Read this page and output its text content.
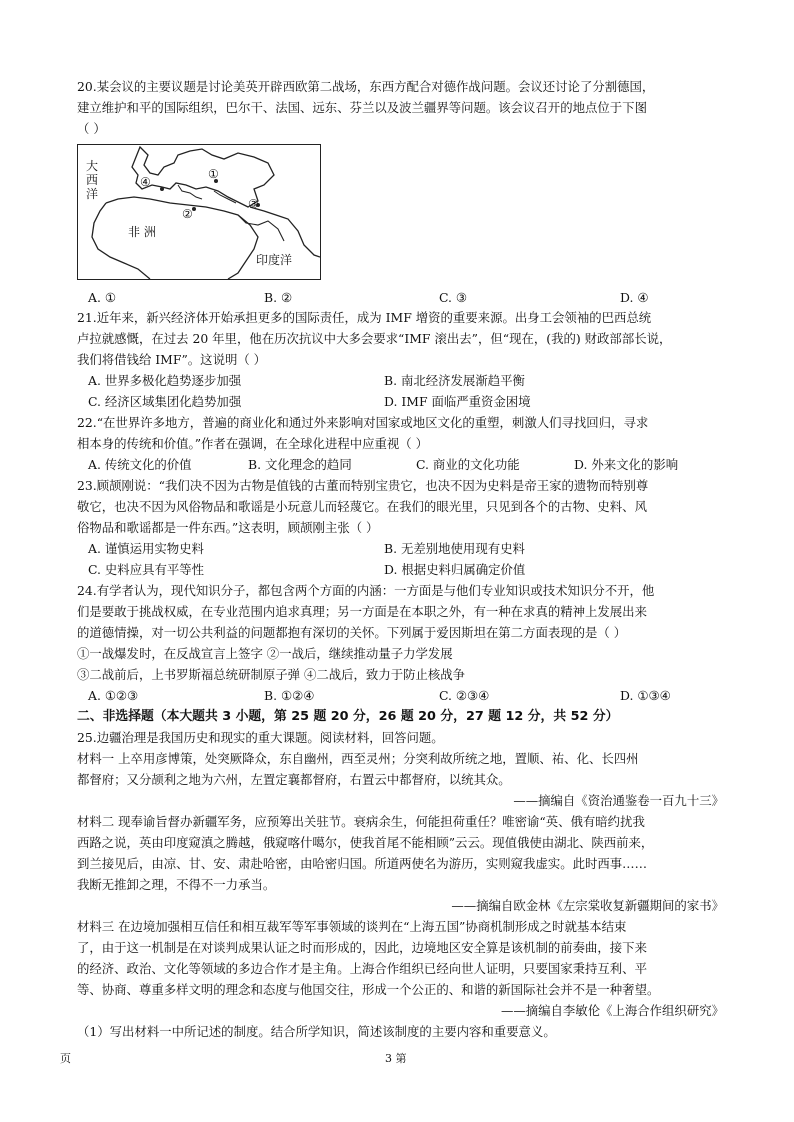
20.某会议的主要议题是讨论美英开辟西欧第二战场，东西方配合对德作战问题。会议还讨论了分割德国，
建立维护和平的国际组织，巴尔干、法国、远东、芬兰以及波兰疆界等问题。该会议召开的地点位于下图
（ ）
大西洋
①
④
②
③
非 洲
印度洋
A. ①	B. ②	C. ③	D. ④
21.近年来，新兴经济体开始承担更多的国际责任，成为 IMF 增资的重要来源。出身工会领袖的巴西总统
卢拉就感慨，在过去 20 年里，他在历次抗议中大多会要求“IMF 滚出去”，但“现在，(我的) 财政部部长说，
我们将借钱给 IMF”。这说明（ ）
A. 世界多极化趋势逐步加强	B. 南北经济发展渐趋平衡
C. 经济区域集团化趋势加强	D. IMF 面临严重资金困境
22.“在世界许多地方，普遍的商业化和通过外来影响对国家或地区文化的重塑，刺激人们寻找回归，寻求
相本身的传统和价值。”作者在强调，在全球化进程中应重视（ ）
A. 传统文化的价值	B. 文化理念的趋同	C. 商业的文化功能	D. 外来文化的影响
23.顾颉刚说：“我们决不因为古物是值钱的古董而特别宝贵它，也决不因为史料是帝王家的遗物而特别尊
敬它，也决不因为风俗物品和歌谣是小玩意儿而轻蔑它。在我们的眼光里，只见到各个的古物、史料、风
俗物品和歌谣都是一件东西。”这表明，顾颉刚主张（ ）
A. 谨慎运用实物史料	B. 无差别地使用现有史料
C. 史料应具有平等性	D. 根据史料归属确定价值
24.有学者认为，现代知识分子，都包含两个方面的内涵：一方面是与他们专业知识或技术知识分不开，他
们是要敢于挑战权威，在专业范围内追求真理；另一方面是在本职之外，有一种在求真的精神上发展出来
的道德情操，对一切公共利益的问题都抱有深切的关怀。下列属于爱因斯坦在第二方面表现的是（ ）
①一战爆发时，在反战宣言上签字 ②一战后，继续推动量子力学发展
③二战前后，上书罗斯福总统研制原子弹 ④二战后，致力于防止核战争
A. ①②③	B. ①②④	C. ②③④	D. ①③④
二、非选择题（本大题共 3 小题，第 25 题 20 分，26 题 20 分，27 题 12 分，共 52 分）
25.边疆治理是我国历史和现实的重大课题。阅读材料，回答问题。
材料一 上卒用彦博策，处突厥降众，东自幽州，西至灵州；分突利故所统之地，置顺、祐、化、长四州
都督府；又分颉利之地为六州，左置定襄都督府，右置云中都督府，以统其众。
——摘编自《资治通鉴卷一百九十三》
材料二 现奉谕旨督办新疆军务，应预筹出关驻节。衰病余生，何能担荷重任？唯密谕“英、俄有暗约扰我
西路之说，英由印度窥滇之腾越，俄窥喀什噶尔，使我首尾不能相顾”云云。现值俄使由湖北、陕西前来，
到兰接见后，由凉、甘、安、肃赴哈密，由哈密归国。所道两使名为游历，实则窥我虚实。此时西事……
我断无推卸之理，不得不一力承当。
——摘编自欧金林《左宗棠收复新疆期间的家书》
材料三 在边境加强相互信任和相互裁军等军事领域的谈判在“上海五国”协商机制形成之时就基本结束
了，由于这一机制是在对谈判成果认证之时而形成的，因此，边境地区安全算是该机制的前奏曲，接下来
的经济、政治、文化等领域的多边合作才是主角。上海合作组织已经向世人证明，只要国家秉持互利、平
等、协商、尊重多样文明的理念和态度与他国交往，形成一个公正的、和谐的新国际社会并不是一种奢望。
——摘编自李敏伦《上海合作组织研究》
（1）写出材料一中所记述的制度。结合所学知识，简述该制度的主要内容和重要意义。
页	3 第
